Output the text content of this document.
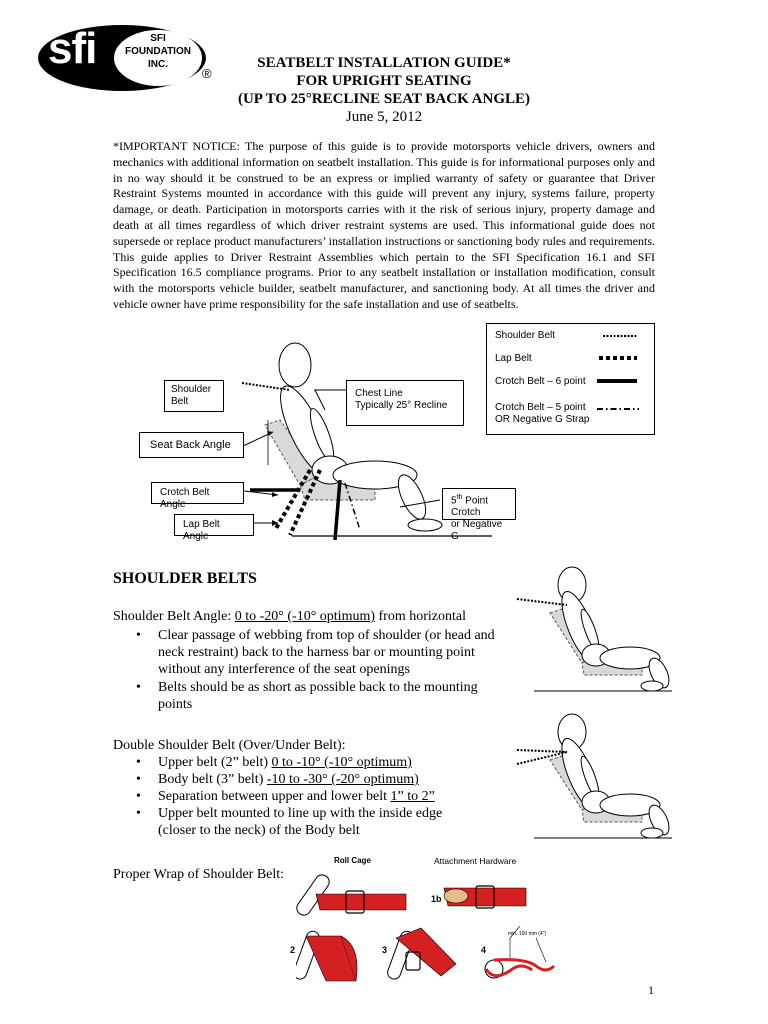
sfi	SFI
FOUNDATION
INC.
®
SEATBELT INSTALLATION GUIDE*
FOR UPRIGHT SEATING
(UP TO 25°RECLINE SEAT BACK ANGLE)
June 5, 2012
*IMPORTANT NOTICE: The purpose of this guide is to provide motorsports vehicle drivers, owners and mechanics with additional information on seatbelt installation. This guide is for informational purposes only and in no way should it be construed to be an express or implied warranty of safety or guarantee that Driver Restraint Systems mounted in accordance with this guide will prevent any injury, systems failure, property damage, or death. Participation in motorsports carries with it the risk of serious injury, property damage and death at all times regardless of which driver restraint systems are used. This informational guide does not supersede or replace product manufacturers’ installation instructions or sanctioning body rules and requirements. This guide applies to Driver Restraint Assemblies which pertain to the SFI Specification 16.1 and SFI Specification 16.5 compliance programs. Prior to any seatbelt installation or installation modification, consult with the motorsports vehicle builder, seatbelt manufacturer, and sanctioning body. At all times the driver and vehicle owner have prime responsibility for the safe installation and use of seatbelts.
Shoulder Belt
Lap Belt
Crotch Belt – 6 point
Crotch Belt – 5 point
OR Negative G Strap
Shoulder
Belt
Chest Line
Typically 25° Recline
Seat Back Angle
Crotch Belt Angle
Lap Belt Angle
5th Point Crotch
or Negative G
SHOULDER BELTS
Shoulder Belt Angle: 0 to -20° (-10° optimum) from horizontal
• Clear passage of webbing from top of shoulder (or head and neck restraint) back to the harness bar or mounting point without any interference of the seat openings
• Belts should be as short as possible back to the mounting points
Double Shoulder Belt (Over/Under Belt):
• Upper belt (2” belt) 0 to -10° (-10° optimum)
• Body belt (3” belt) -10 to -30° (-20° optimum)
• Separation between upper and lower belt 1” to 2”
• Upper belt mounted to line up with the inside edge (closer to the neck) of the Body belt
Proper Wrap of Shoulder Belt:
Roll Cage	Attachment Hardware
1b
2	3	4
min. 100 mm (4")
1
